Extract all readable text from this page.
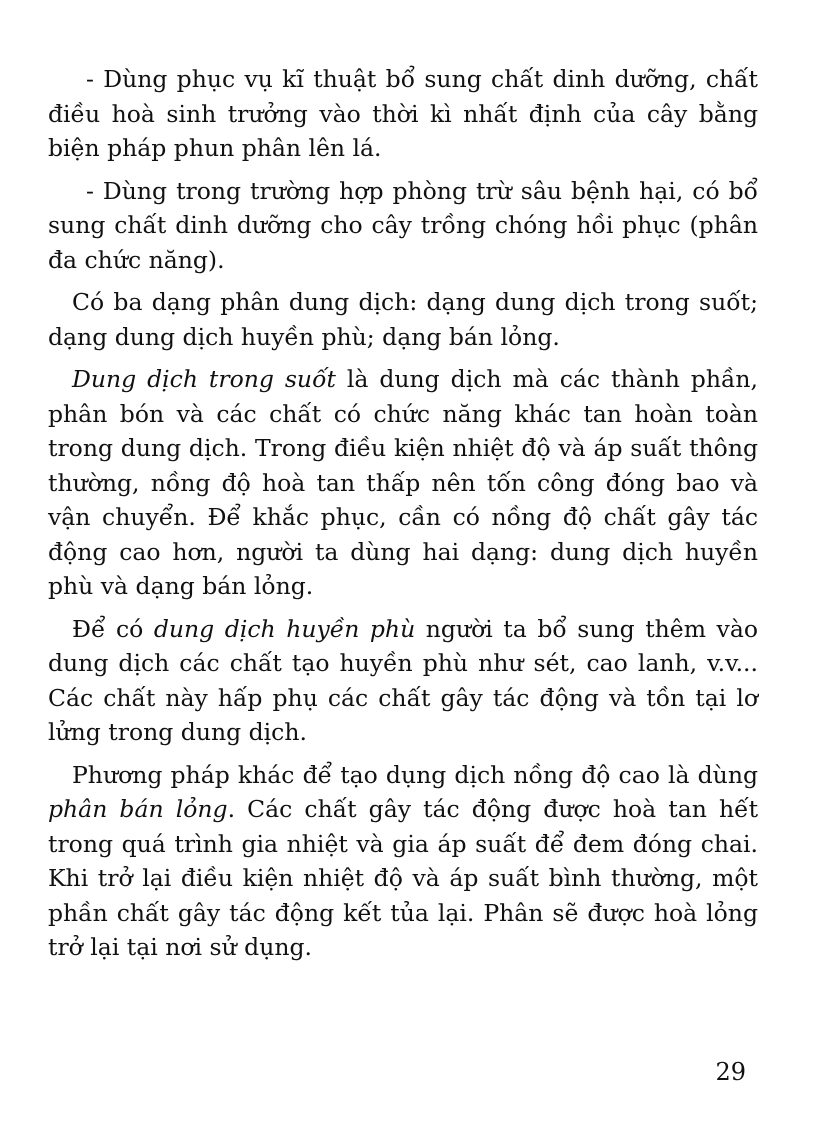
- Dùng phục vụ kĩ thuật bổ sung chất dinh dưỡng, chất điều hoà sinh trưởng vào thời kì nhất định của cây bằng biện pháp phun phân lên lá.

- Dùng trong trường hợp phòng trừ sâu bệnh hại, có bổ sung chất dinh dưỡng cho cây trồng chóng hồi phục (phân đa chức năng).

Có ba dạng phân dung dịch: dạng dung dịch trong suốt; dạng dung dịch huyền phù; dạng bán lỏng.

Dung dịch trong suốt là dung dịch mà các thành phần, phân bón và các chất có chức năng khác tan hoàn toàn trong dung dịch. Trong điều kiện nhiệt độ và áp suất thông thường, nồng độ hoà tan thấp nên tốn công đóng bao và vận chuyển. Để khắc phục, cần có nồng độ chất gây tác động cao hơn, người ta dùng hai dạng: dung dịch huyền phù và dạng bán lỏng.

Để có dung dịch huyền phù người ta bổ sung thêm vào dung dịch các chất tạo huyền phù như sét, cao lanh, v.v... Các chất này hấp phụ các chất gây tác động và tồn tại lơ lửng trong dung dịch.

Phương pháp khác để tạo dụng dịch nồng độ cao là dùng phân bán lỏng. Các chất gây tác động được hoà tan hết trong quá trình gia nhiệt và gia áp suất để đem đóng chai. Khi trở lại điều kiện nhiệt độ và áp suất bình thường, một phần chất gây tác động kết tủa lại. Phân sẽ được hoà lỏng trở lại tại nơi sử dụng.

29
